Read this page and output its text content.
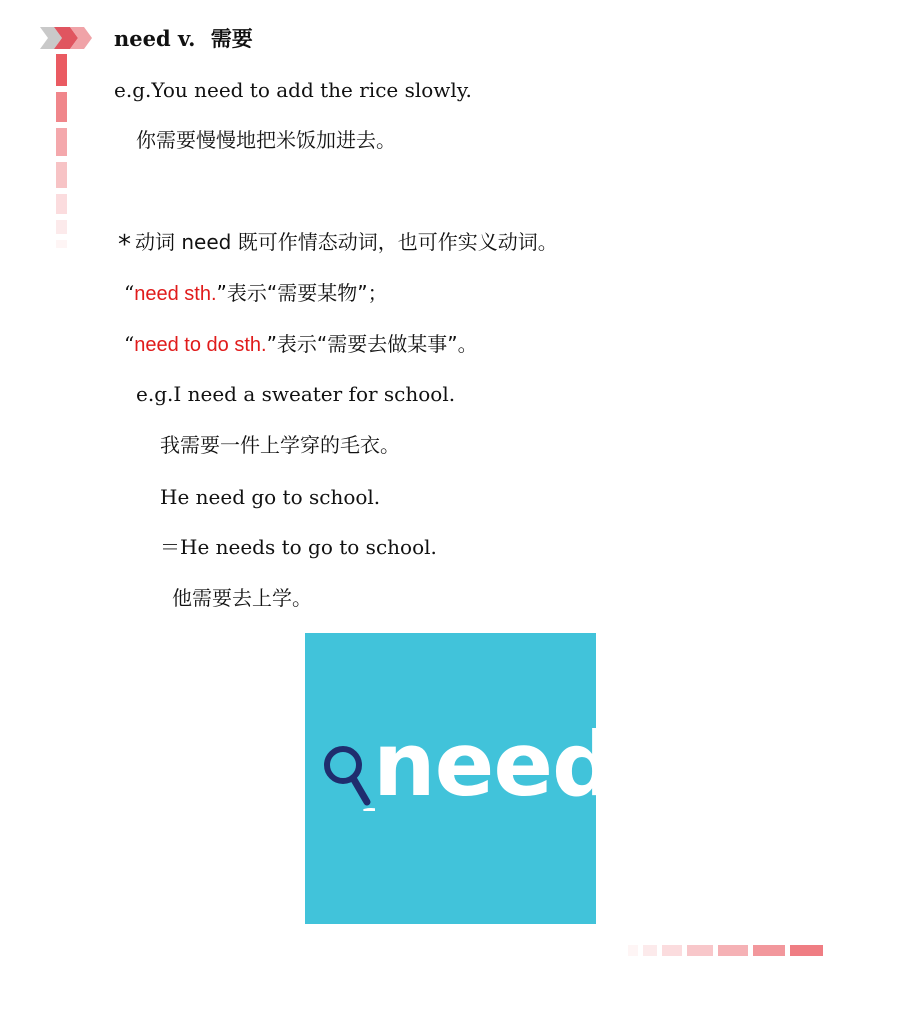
need v. 需要
e.g.You need to add the rice slowly.
你需要慢慢地把米饭加进去。
* 动词 need 既可作情态动词，也可作实义动词。
“need sth.”表示“需要某物”；
“need to do sth.”表示“需要去做某事”。
e.g.I need a sweater for school.
我需要一件上学穿的毛衣。
He need go to school.
＝He needs to go to school.
他需要去上学。
need
